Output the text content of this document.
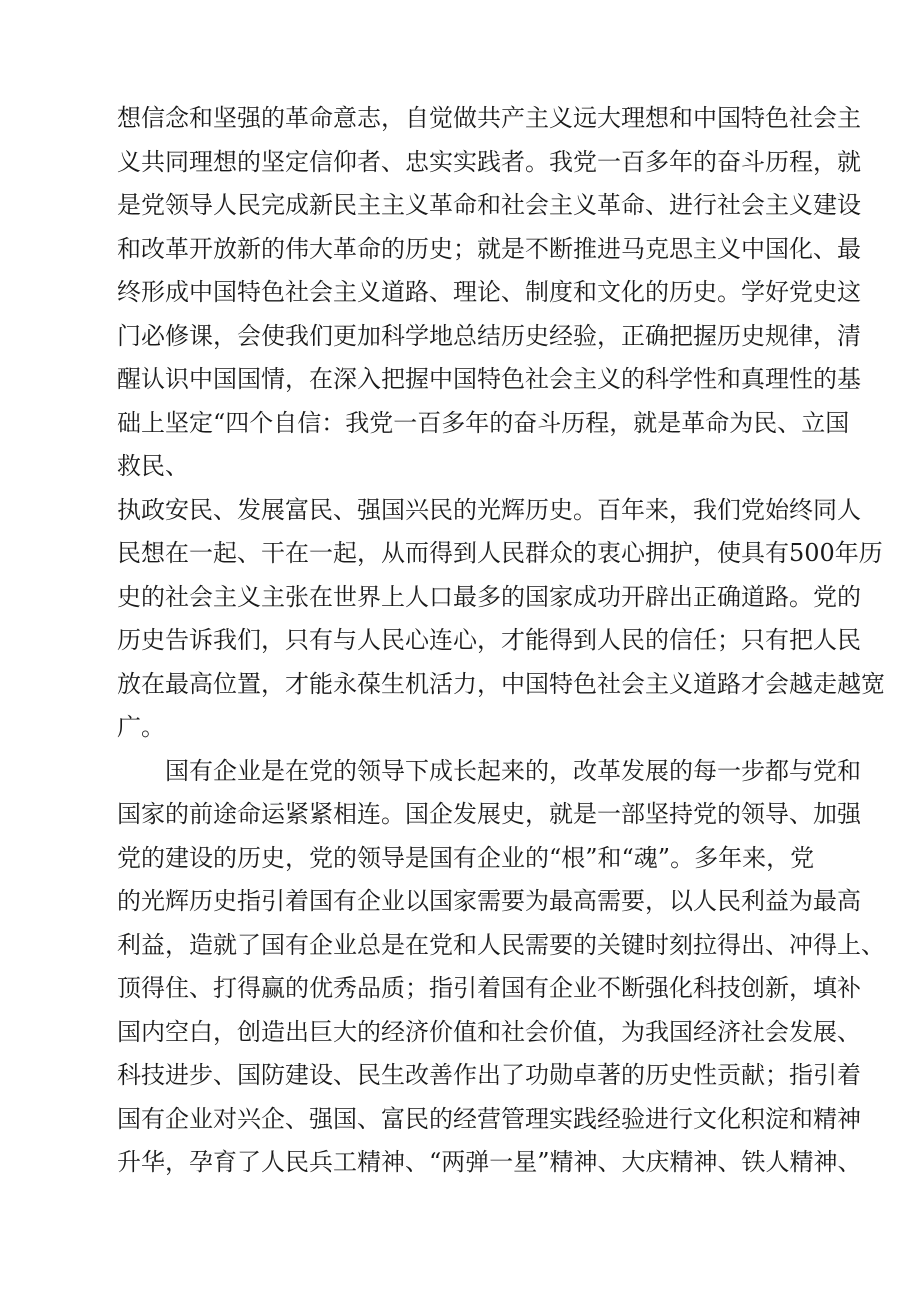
想信念和坚强的革命意志，自觉做共产主义远大理想和中国特色社会主
义共同理想的坚定信仰者、忠实实践者。我党一百多年的奋斗历程，就
是党领导人民完成新民主主义革命和社会主义革命、进行社会主义建设
和改革开放新的伟大革命的历史；就是不断推进马克思主义中国化、最
终形成中国特色社会主义道路、理论、制度和文化的历史。学好党史这
门必修课，会使我们更加科学地总结历史经验，正确把握历史规律，清
醒认识中国国情，在深入把握中国特色社会主义的科学性和真理性的基
础上坚定“四个自信：我党一百多年的奋斗历程，就是革命为民、立国
救民、
执政安民、发展富民、强国兴民的光辉历史。百年来，我们党始终同人
民想在一起、干在一起，从而得到人民群众的衷心拥护，使具有500年历
史的社会主义主张在世界上人口最多的国家成功开辟出正确道路。党的
历史告诉我们，只有与人民心连心，才能得到人民的信任；只有把人民
放在最高位置，才能永葆生机活力，中国特色社会主义道路才会越走越宽
广。
国有企业是在党的领导下成长起来的，改革发展的每一步都与党和
国家的前途命运紧紧相连。国企发展史，就是一部坚持党的领导、加强
党的建设的历史，党的领导是国有企业的“根”和“魂”。多年来，党
的光辉历史指引着国有企业以国家需要为最高需要，以人民利益为最高
利益，造就了国有企业总是在党和人民需要的关键时刻拉得出、冲得上、
顶得住、打得赢的优秀品质；指引着国有企业不断强化科技创新，填补
国内空白，创造出巨大的经济价值和社会价值，为我国经济社会发展、
科技进步、国防建设、民生改善作出了功勋卓著的历史性贡献；指引着
国有企业对兴企、强国、富民的经营管理实践经验进行文化积淀和精神
升华，孕育了人民兵工精神、“两弹一星”精神、大庆精神、铁人精神、
